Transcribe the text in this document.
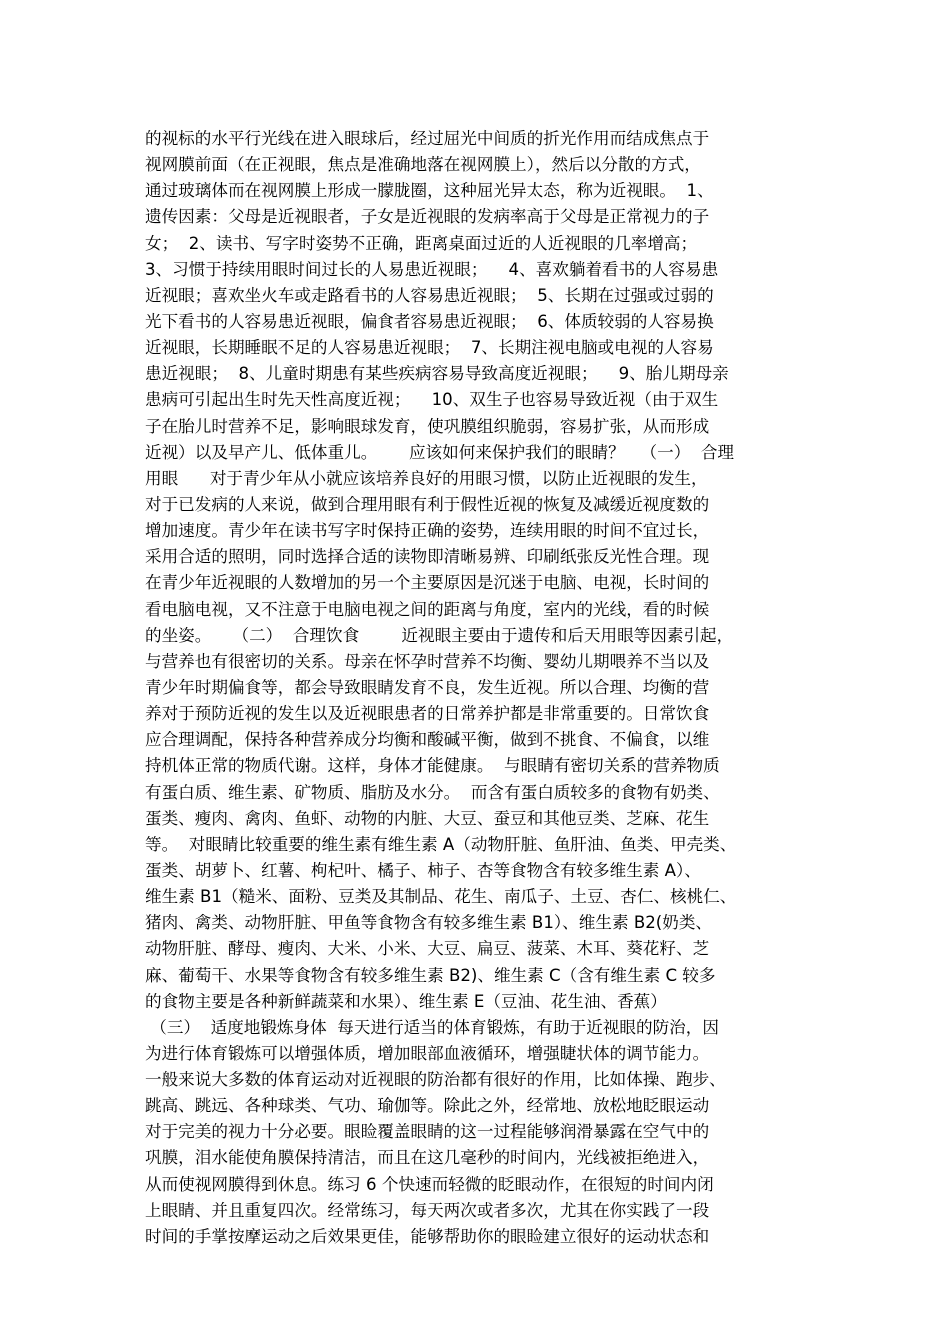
的视标的水平行光线在进入眼球后，经过屈光中间质的折光作用而结成焦点于
视网膜前面（在正视眼，焦点是准确地落在视网膜上），然后以分散的方式，
通过玻璃体而在视网膜上形成一朦胧圈，这种屈光异太态，称为近视眼。  1、
遗传因素：父母是近视眼者，子女是近视眼的发病率高于父母是正常视力的子
女；  2、读书、写字时姿势不正确，距离桌面过近的人近视眼的几率增高；
3、习惯于持续用眼时间过长的人易患近视眼；    4、喜欢躺着看书的人容易患
近视眼；喜欢坐火车或走路看书的人容易患近视眼；  5、长期在过强或过弱的
光下看书的人容易患近视眼，偏食者容易患近视眼；  6、体质较弱的人容易换
近视眼，长期睡眠不足的人容易患近视眼；  7、长期注视电脑或电视的人容易
患近视眼；  8、儿童时期患有某些疾病容易导致高度近视眼；    9、胎儿期母亲
患病可引起出生时先天性高度近视；    10、双生子也容易导致近视（由于双生
子在胎儿时营养不足，影响眼球发育，使巩膜组织脆弱，容易扩张，从而形成
近视）以及早产儿、低体重儿。      应该如何来保护我们的眼睛？   （一）  合理
用眼      对于青少年从小就应该培养良好的用眼习惯，以防止近视眼的发生，
对于已发病的人来说，做到合理用眼有利于假性近视的恢复及减缓近视度数的
增加速度。青少年在读书写字时保持正确的姿势，连续用眼的时间不宜过长，
采用合适的照明，同时选择合适的读物即清晰易辨、印刷纸张反光性合理。现
在青少年近视眼的人数增加的另一个主要原因是沉迷于电脑、电视，长时间的
看电脑电视，又不注意于电脑电视之间的距离与角度，室内的光线，看的时候
的坐姿。    （二）  合理饮食        近视眼主要由于遗传和后天用眼等因素引起，
与营养也有很密切的关系。母亲在怀孕时营养不均衡、婴幼儿期喂养不当以及
青少年时期偏食等，都会导致眼睛发育不良，发生近视。所以合理、均衡的营
养对于预防近视的发生以及近视眼患者的日常养护都是非常重要的。日常饮食
应合理调配，保持各种营养成分均衡和酸碱平衡，做到不挑食、不偏食，以维
持机体正常的物质代谢。这样，身体才能健康。  与眼睛有密切关系的营养物质
有蛋白质、维生素、矿物质、脂肪及水分。  而含有蛋白质较多的食物有奶类、
蛋类、瘦肉、禽肉、鱼虾、动物的内脏、大豆、蚕豆和其他豆类、芝麻、花生
等。  对眼睛比较重要的维生素有维生素 A（动物肝脏、鱼肝油、鱼类、甲壳类、
蛋类、胡萝卜、红薯、枸杞叶、橘子、柿子、杏等食物含有较多维生素 A）、
维生素 B1（糙米、面粉、豆类及其制品、花生、南瓜子、土豆、杏仁、核桃仁、
猪肉、禽类、动物肝脏、甲鱼等食物含有较多维生素 B1）、维生素 B2(奶类、
动物肝脏、酵母、瘦肉、大米、小米、大豆、扁豆、菠菜、木耳、葵花籽、芝
麻、葡萄干、水果等食物含有较多维生素 B2)、维生素 C（含有维生素 C 较多
的食物主要是各种新鲜蔬菜和水果）、维生素 E（豆油、花生油、香蕉）
（三）  适度地锻炼身体  每天进行适当的体育锻炼，有助于近视眼的防治，因
为进行体育锻炼可以增强体质，增加眼部血液循环，增强睫状体的调节能力。
一般来说大多数的体育运动对近视眼的防治都有很好的作用，比如体操、跑步、
跳高、跳远、各种球类、气功、瑜伽等。除此之外，经常地、放松地眨眼运动
对于完美的视力十分必要。眼睑覆盖眼睛的这一过程能够润滑暴露在空气中的
巩膜，泪水能使角膜保持清洁，而且在这几毫秒的时间内，光线被拒绝进入，
从而使视网膜得到休息。练习 6 个快速而轻微的眨眼动作，在很短的时间内闭
上眼睛、并且重复四次。经常练习，每天两次或者多次，尤其在你实践了一段
时间的手掌按摩运动之后效果更佳，能够帮助你的眼睑建立很好的运动状态和
